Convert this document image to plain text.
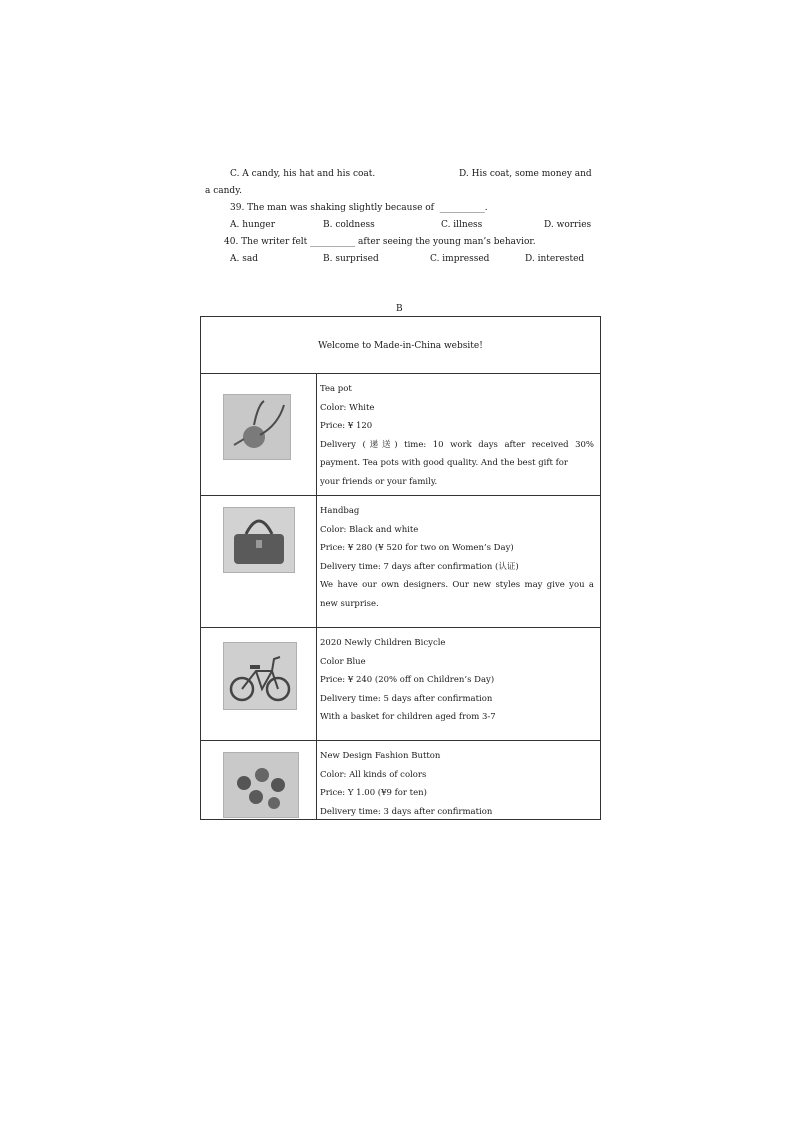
C. A candy, his hat and his coat.	D. His coat, some money and
a candy.
39. The man was shaking slightly because of  __________.
A. hunger	B. coldness	C. illness	D. worries
40. The writer felt __________ after seeing the young man’s behavior.
A. sad	B. surprised	C. impressed	D. interested
B
Welcome to Made-in-China website!
Tea pot
Color: White
Price: ¥ 120
Delivery (递送) time: 10 work days after received 30%
payment. Tea pots with good quality. And the best gift for
your friends or your family.
Handbag
Color: Black and white
Price: ¥ 280 (¥ 520 for two on Women’s Day)
Delivery time: 7 days after confirmation (认证)
We have our own designers. Our new styles may give you a
new surprise.
2020 Newly Children Bicycle
Color Blue
Price: ¥ 240 (20% off on Children’s Day)
Delivery time: 5 days after confirmation
With a basket for children aged from 3-7
New Design Fashion Button
Color: All kinds of colors
Price: Y 1.00 (¥9 for ten)
Delivery time: 3 days after confirmation
